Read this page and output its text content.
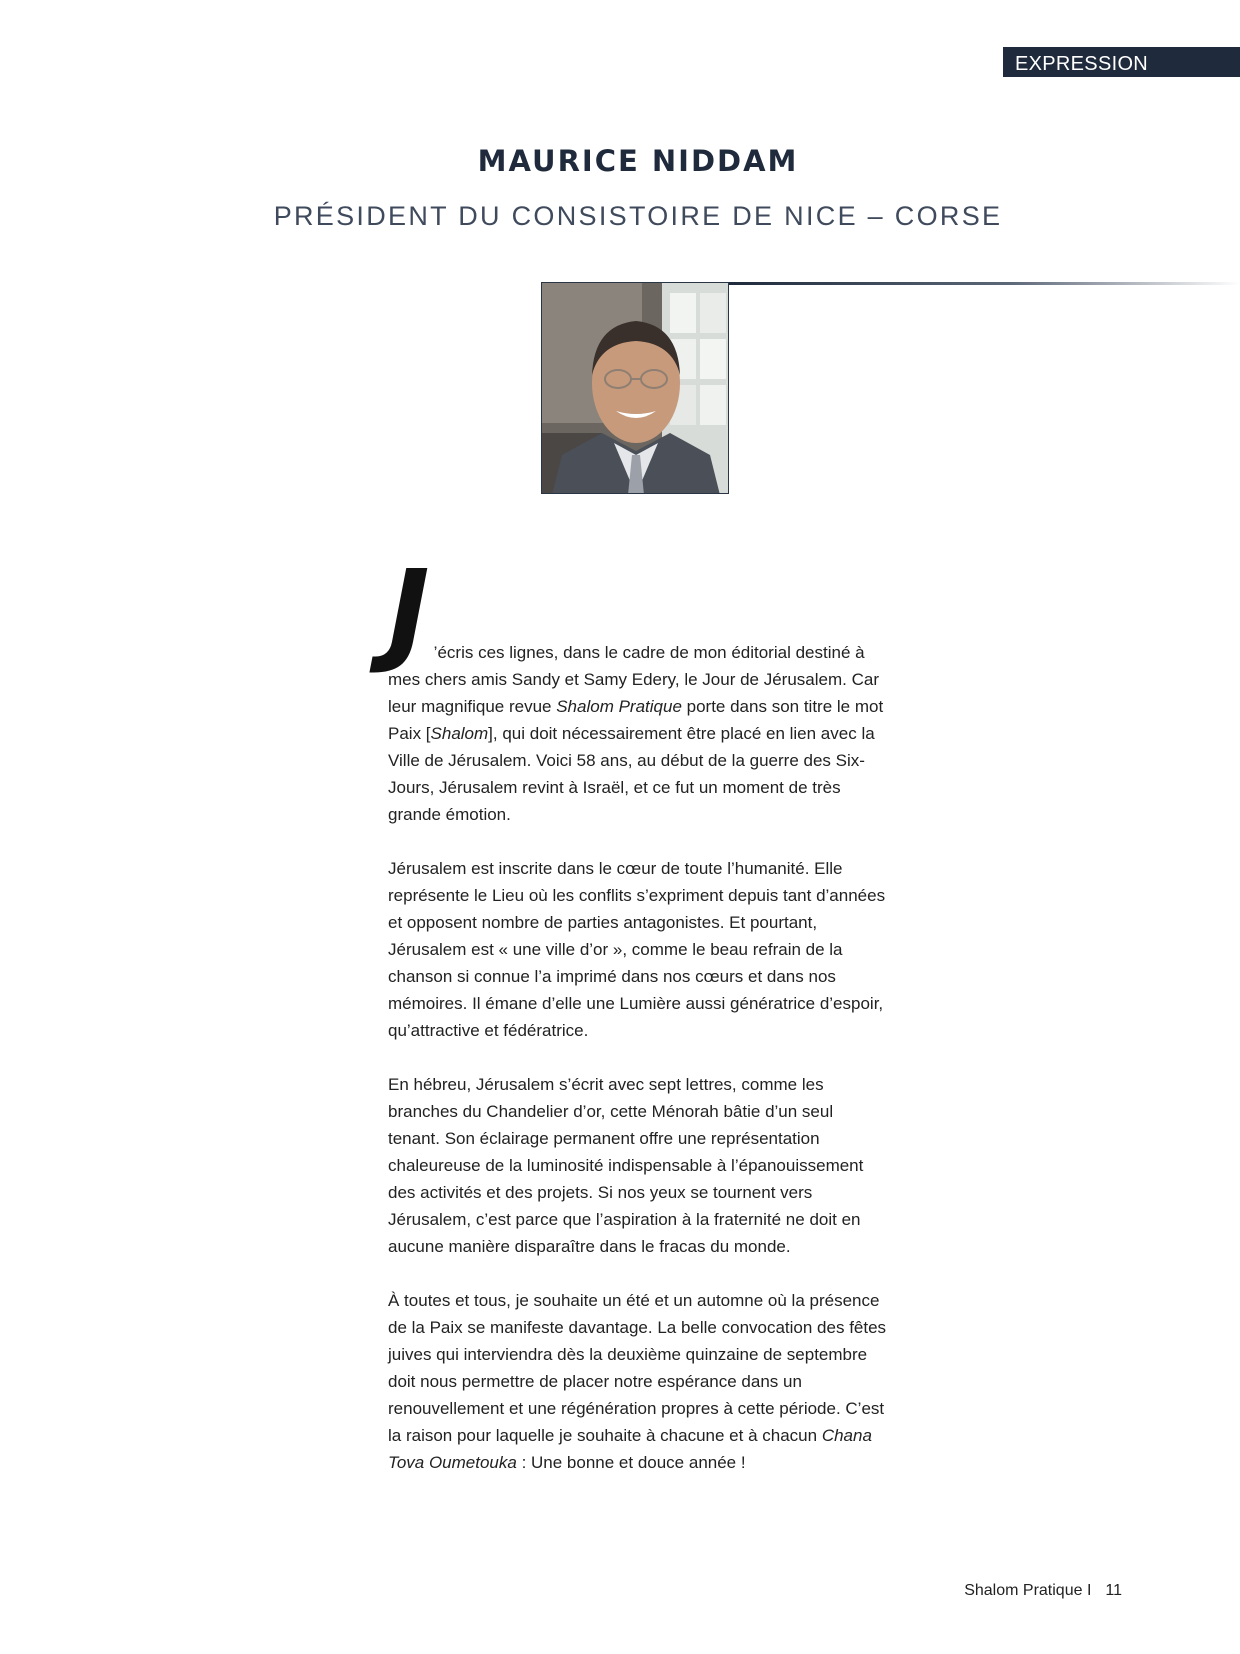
EXPRESSION
MAURICE NIDDAM
PRÉSIDENT DU CONSISTOIRE DE NICE – CORSE

J ’écris ces lignes, dans le cadre de mon éditorial destiné à mes chers amis Sandy et Samy Edery, le Jour de Jérusalem. Car leur magnifique revue Shalom Pratique porte dans son titre le mot Paix [Shalom], qui doit nécessairement être placé en lien avec la Ville de Jérusalem. Voici 58 ans, au début de la guerre des Six-Jours, Jérusalem revint à Israël, et ce fut un moment de très grande émotion.

Jérusalem est inscrite dans le cœur de toute l’humanité. Elle représente le Lieu où les conflits s’expriment depuis tant d’années et opposent nombre de parties antagonistes. Et pourtant, Jérusalem est « une ville d’or », comme le beau refrain de la chanson si connue l’a imprimé dans nos cœurs et dans nos mémoires. Il émane d’elle une Lumière aussi génératrice d’espoir, qu’attractive et fédératrice.

En hébreu, Jérusalem s’écrit avec sept lettres, comme les branches du Chandelier d’or, cette Ménorah bâtie d’un seul tenant. Son éclairage permanent offre une représentation chaleureuse de la luminosité indispensable à l’épanouissement des activités et des projets. Si nos yeux se tournent vers Jérusalem, c’est parce que l’aspiration à la fraternité ne doit en aucune manière disparaître dans le fracas du monde.

À toutes et tous, je souhaite un été et un automne où la présence de la Paix se manifeste davantage. La belle convocation des fêtes juives qui interviendra dès la deuxième quinzaine de septembre doit nous permettre de placer notre espérance dans un renouvellement et une régénération propres à cette période. C’est la raison pour laquelle je souhaite à chacune et à chacun Chana Tova Oumetouka : Une bonne et douce année !

Shalom Pratique I 11
